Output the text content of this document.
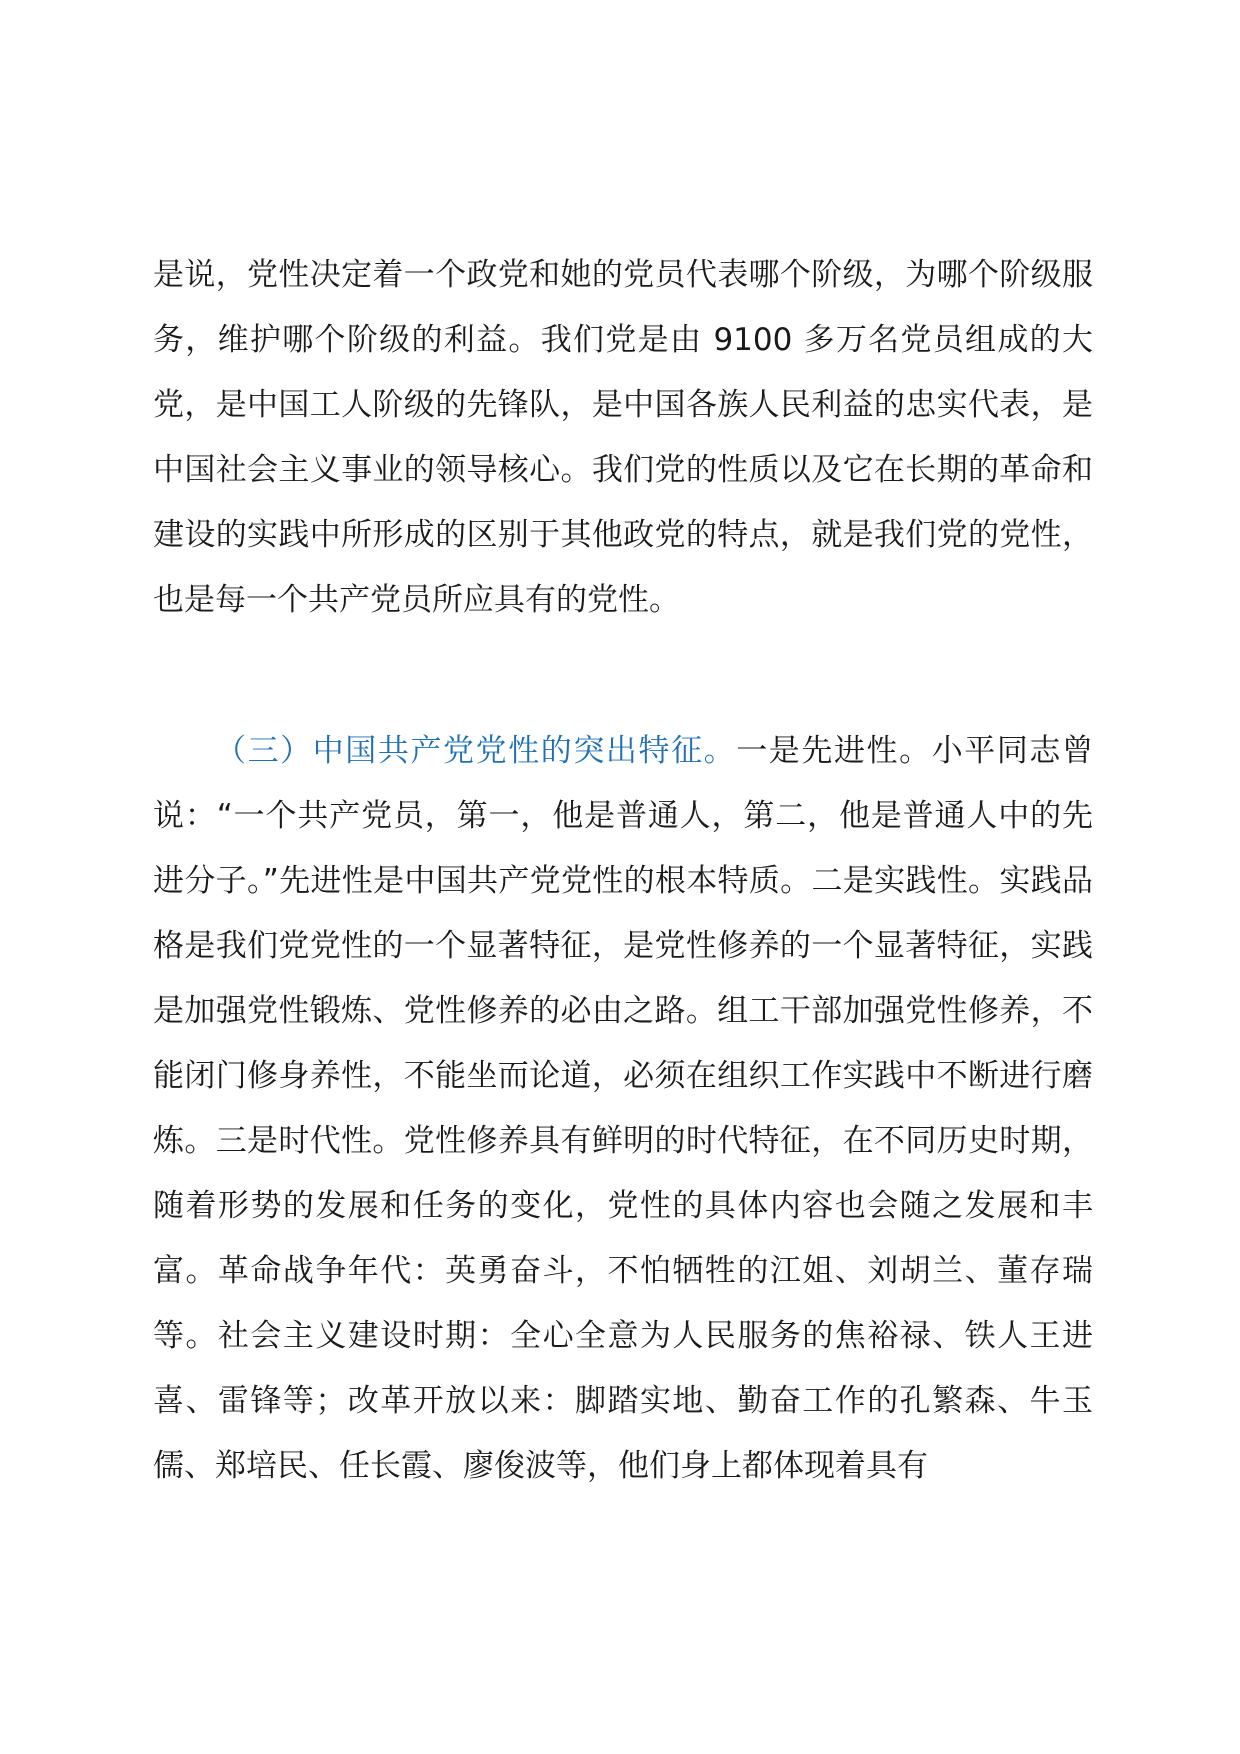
是说，党性决定着一个政党和她的党员代表哪个阶级，为哪个阶级服务，维护哪个阶级的利益。我们党是由 9100 多万名党员组成的大党，是中国工人阶级的先锋队，是中国各族人民利益的忠实代表，是中国社会主义事业的领导核心。我们党的性质以及它在长期的革命和建设的实践中所形成的区别于其他政党的特点，就是我们党的党性，也是每一个共产党员所应具有的党性。

（三）中国共产党党性的突出特征。一是先进性。小平同志曾说：“一个共产党员，第一，他是普通人，第二，他是普通人中的先进分子。”先进性是中国共产党党性的根本特质。二是实践性。实践品格是我们党党性的一个显著特征，是党性修养的一个显著特征，实践是加强党性锻炼、党性修养的必由之路。组工干部加强党性修养，不能闭门修身养性，不能坐而论道，必须在组织工作实践中不断进行磨炼。三是时代性。党性修养具有鲜明的时代特征，在不同历史时期，随着形势的发展和任务的变化，党性的具体内容也会随之发展和丰富。革命战争年代：英勇奋斗，不怕牺牲的江姐、刘胡兰、董存瑞等。社会主义建设时期：全心全意为人民服务的焦裕禄、铁人王进喜、雷锋等；改革开放以来：脚踏实地、勤奋工作的孔繁森、牛玉儒、郑培民、任长霞、廖俊波等，他们身上都体现着具有
